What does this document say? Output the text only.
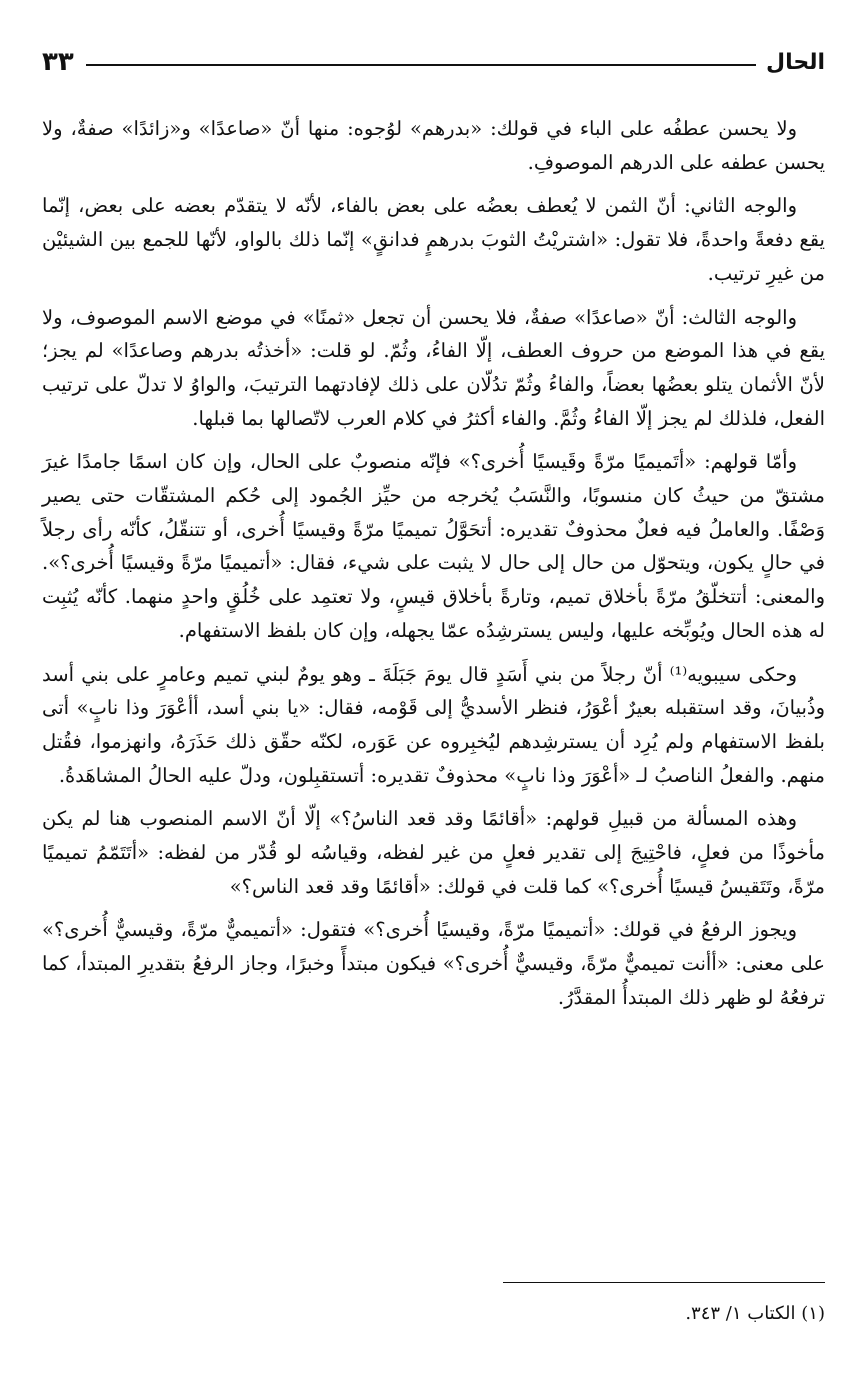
الحال
٣٣

ولا يحسن عطفُه على الباء في قولك: «بدرهم» لوُجوه: منها أنّ «صاعدًا» و«زائدًا» صفةٌ، ولا يحسن عطفه على الدرهم الموصوفِ.

والوجه الثاني: أنّ الثمن لا يُعطف بعضُه على بعض بالفاء، لأنّه لا يتقدّم بعضه على بعض، إنّما يقع دفعةً واحدةً، فلا تقول: «اشتريْتُ الثوبَ بدرهمٍ فدانقٍ» إنّما ذلك بالواو، لأنّها للجمع بين الشيئيْن من غيرِ ترتيب.

والوجه الثالث: أنّ «صاعدًا» صفةٌ، فلا يحسن أن تجعل «ثمنًا» في موضع الاسم الموصوف، ولا يقع في هذا الموضع من حروف العطف، إلّا الفاءُ، وثُمّ. لو قلت: «أخذتُه بدرهم وصاعدًا» لم يجز؛ لأنّ الأثمان يتلو بعضُها بعضاً، والفاءُ وثُمّ تدُلّان على ذلك لإفادتهما الترتيبَ، والواوُ لا تدلّ على ترتيب الفعل، فلذلك لم يجز إلّا الفاءُ وثُمَّ. والفاء أكثرُ في كلام العرب لاتّصالها بما قبلها.

وأمّا قولهم: «أتَميميًا مرّةً وقَيسيًا أُخرى؟» فإنّه منصوبٌ على الحال، وإن كان اسمًا جامدًا غيرَ مشتقّ من حيثُ كان منسوبًا، والنَّسَبُ يُخرجه من حيِّز الجُمود إلى حُكم المشتقّات حتى يصير وَصْفًا. والعاملُ فيه فعلٌ محذوفٌ تقديره: أتحَوَّلُ تميميًا مرّةً وقيسيًا أُخرى، أو تتنقّلُ، كأنّه رأى رجلاً في حالٍ يكون، ويتحوّل من حال إلى حال لا يثبت على شيء، فقال: «أتميميًا مرّةً وقيسيًا أُخرى؟». والمعنى: أتتخلّقُ مرّةً بأخلاق تميم، وتارةً بأخلاق قيسٍ، ولا تعتمِد على خُلُقٍ واحدٍ منهما. كأنّه يُثبِت له هذه الحال ويُوبِّخه عليها، وليس يسترشِدُه عمّا يجهله، وإن كان بلفظ الاستفهام.

وحكى سيبويه⁽¹⁾ أنّ رجلاً من بني أَسَدٍ قال يومَ جَبَلَةَ ـ وهو يومٌ لبني تميم وعامرٍ على بني أسد وذُبيانَ، وقد استقبله بعيرٌ أعْوَرُ، فنظر الأسديُّ إلى قَوْمه، فقال: «يا بني أسد، أأعْوَرَ وذا نابٍ» أتى بلفظ الاستفهام ولم يُرِد أن يسترشِدهم ليُخبِروه عن عَوَره، لكنّه حقّق ذلك حَذَرَهُ، وانهزموا، فقُتل منهم. والفعلُ الناصبُ لـ «أعْوَرَ وذا نابٍ» محذوفٌ تقديره: أتستقبِلون، ودلّ عليه الحالُ المشاهَدةُ.

وهذه المسألة من قبيلِ قولهم: «أقائمًا وقد قعد الناسُ؟» إلّا أنّ الاسم المنصوب هنا لم يكن مأخوذًا من فعلٍ، فاحْتِيجَ إلى تقدير فعلٍ من غير لفظه، وقياسُه لو قُدّر من لفظه: «أتَتَمّمُ تميميًا مرّةً، وتَتَقيسُ قيسيًا أُخرى؟» كما قلت في قولك: «أقائمًا وقد قعد الناس؟»

ويجوز الرفعُ في قولك: «أتميميًا مرّةً، وقيسيًا أُخرى؟» فتقول: «أتميميٌّ مرّةً، وقيسيٌّ أُخرى؟» على معنى: «أأنت تميميٌّ مرّةً، وقيسيٌّ أُخرى؟» فيكون مبتدأً وخبرًا، وجاز الرفعُ بتقديرِ المبتدأ، كما ترفعُهُ لو ظهر ذلك المبتدأُ المقدَّرُ.

(١) الكتاب ١/ ٣٤٣.
